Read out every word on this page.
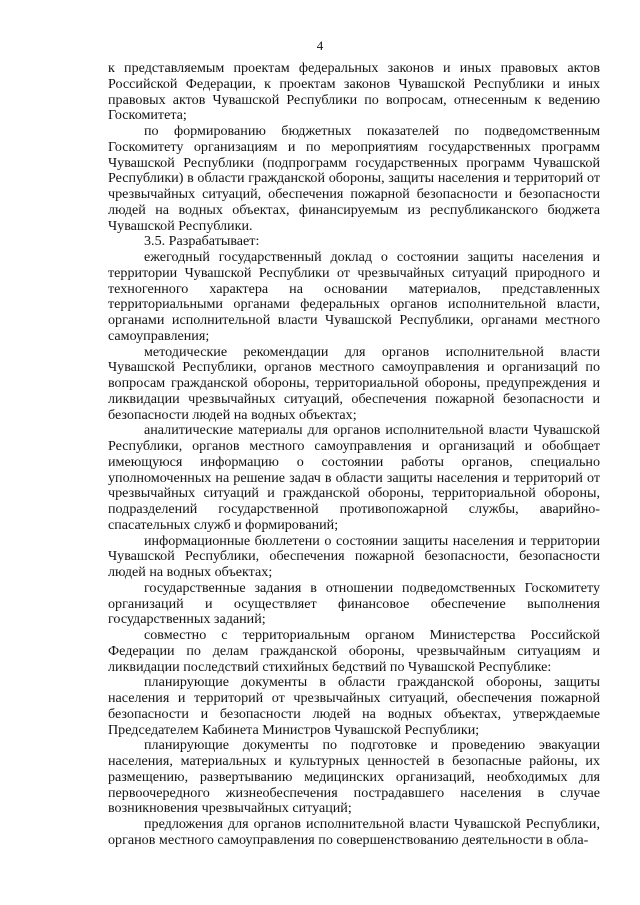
4

к представляемым проектам федеральных законов и иных правовых актов Российской Федерации, к проектам законов Чувашской Республики и иных правовых актов Чувашской Республики по вопросам, отнесенным к ведению Госкомитета;

по формированию бюджетных показателей по подведомственным Госкомитету организациям и по мероприятиям государственных программ Чувашской Республики (подпрограмм государственных программ Чувашской Республики) в области гражданской обороны, защиты населения и территорий от чрезвычайных ситуаций, обеспечения пожарной безопасности и безопасности людей на водных объектах, финансируемым из республиканского бюджета Чувашской Республики.

3.5. Разрабатывает:

ежегодный государственный доклад о состоянии защиты населения и территории Чувашской Республики от чрезвычайных ситуаций природного и техногенного характера на основании материалов, представленных территориальными органами федеральных органов исполнительной власти, органами исполнительной власти Чувашской Республики, органами местного самоуправления;

методические рекомендации для органов исполнительной власти Чувашской Республики, органов местного самоуправления и организаций по вопросам гражданской обороны, территориальной обороны, предупреждения и ликвидации чрезвычайных ситуаций, обеспечения пожарной безопасности и безопасности людей на водных объектах;

аналитические материалы для органов исполнительной власти Чувашской Республики, органов местного самоуправления и организаций и обобщает имеющуюся информацию о состоянии работы органов, специально уполномоченных на решение задач в области защиты населения и территорий от чрезвычайных ситуаций и гражданской обороны, территориальной обороны, подразделений государственной противопожарной службы, аварийно-спасательных служб и формирований;

информационные бюллетени о состоянии защиты населения и территории Чувашской Республики, обеспечения пожарной безопасности, безопасности людей на водных объектах;

государственные задания в отношении подведомственных Госкомитету организаций и осуществляет финансовое обеспечение выполнения государственных заданий;

совместно с территориальным органом Министерства Российской Федерации по делам гражданской обороны, чрезвычайным ситуациям и ликвидации последствий стихийных бедствий по Чувашской Республике:

планирующие документы в области гражданской обороны, защиты населения и территорий от чрезвычайных ситуаций, обеспечения пожарной безопасности и безопасности людей на водных объектах, утверждаемые Председателем Кабинета Министров Чувашской Республики;

планирующие документы по подготовке и проведению эвакуации населения, материальных и культурных ценностей в безопасные районы, их размещению, развертыванию медицинских организаций, необходимых для первоочередного жизнеобеспечения пострадавшего населения в случае возникновения чрезвычайных ситуаций;

предложения для органов исполнительной власти Чувашской Республики, органов местного самоуправления по совершенствованию деятельности в обла-
